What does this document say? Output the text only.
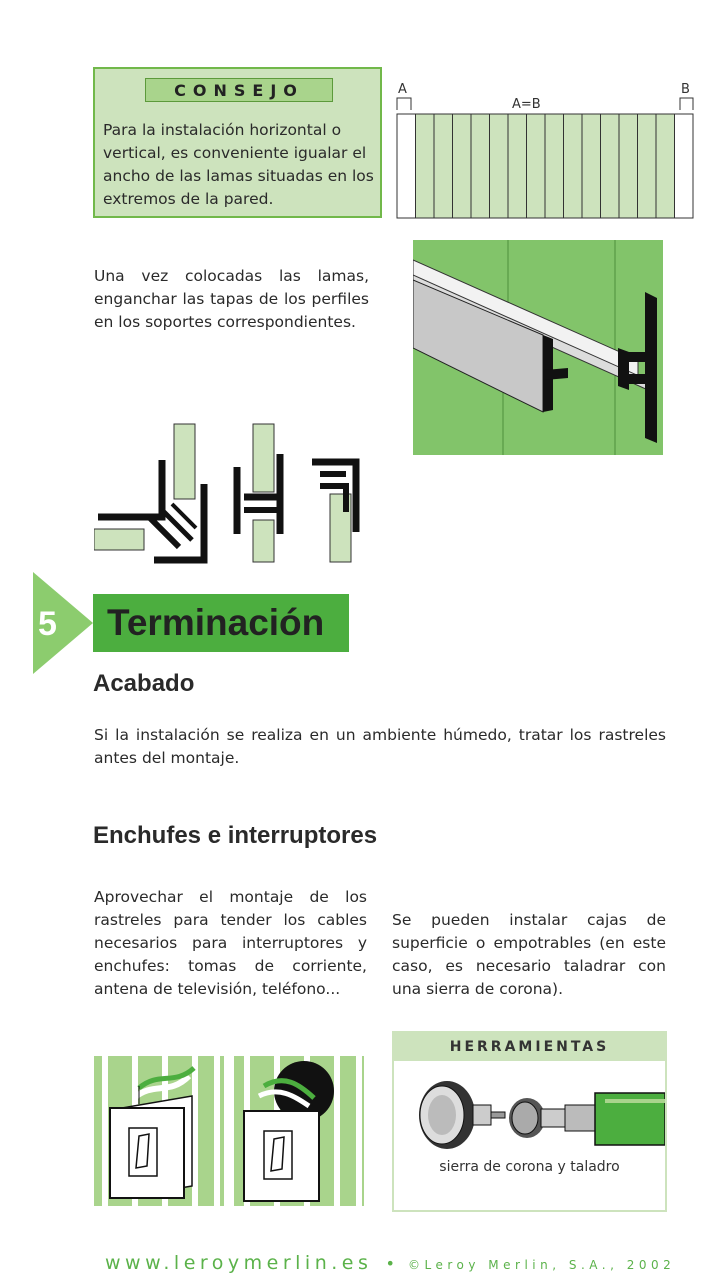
CONSEJO
Para la instalación horizontal o vertical, es conveniente igualar el ancho de las lamas situadas en los extremos de la pared.
A	B
A=B
Una vez colocadas las lamas, enganchar las tapas de los perfiles en los soportes correspondientes.
5	Terminación
Acabado
Si la instalación se realiza en un ambiente húmedo, tratar los rastreles antes del montaje.
Enchufes e interruptores
Aprovechar el montaje de los rastreles para tender los cables necesarios para interruptores y enchufes: tomas de corriente, antena de televisión, teléfono...
Se pueden instalar cajas de superficie o empotrables (en este caso, es necesario taladrar con una sierra de corona).
HERRAMIENTAS
sierra de corona y taladro
www.leroymerlin.es • ©Leroy Merlin, S.A., 2002
